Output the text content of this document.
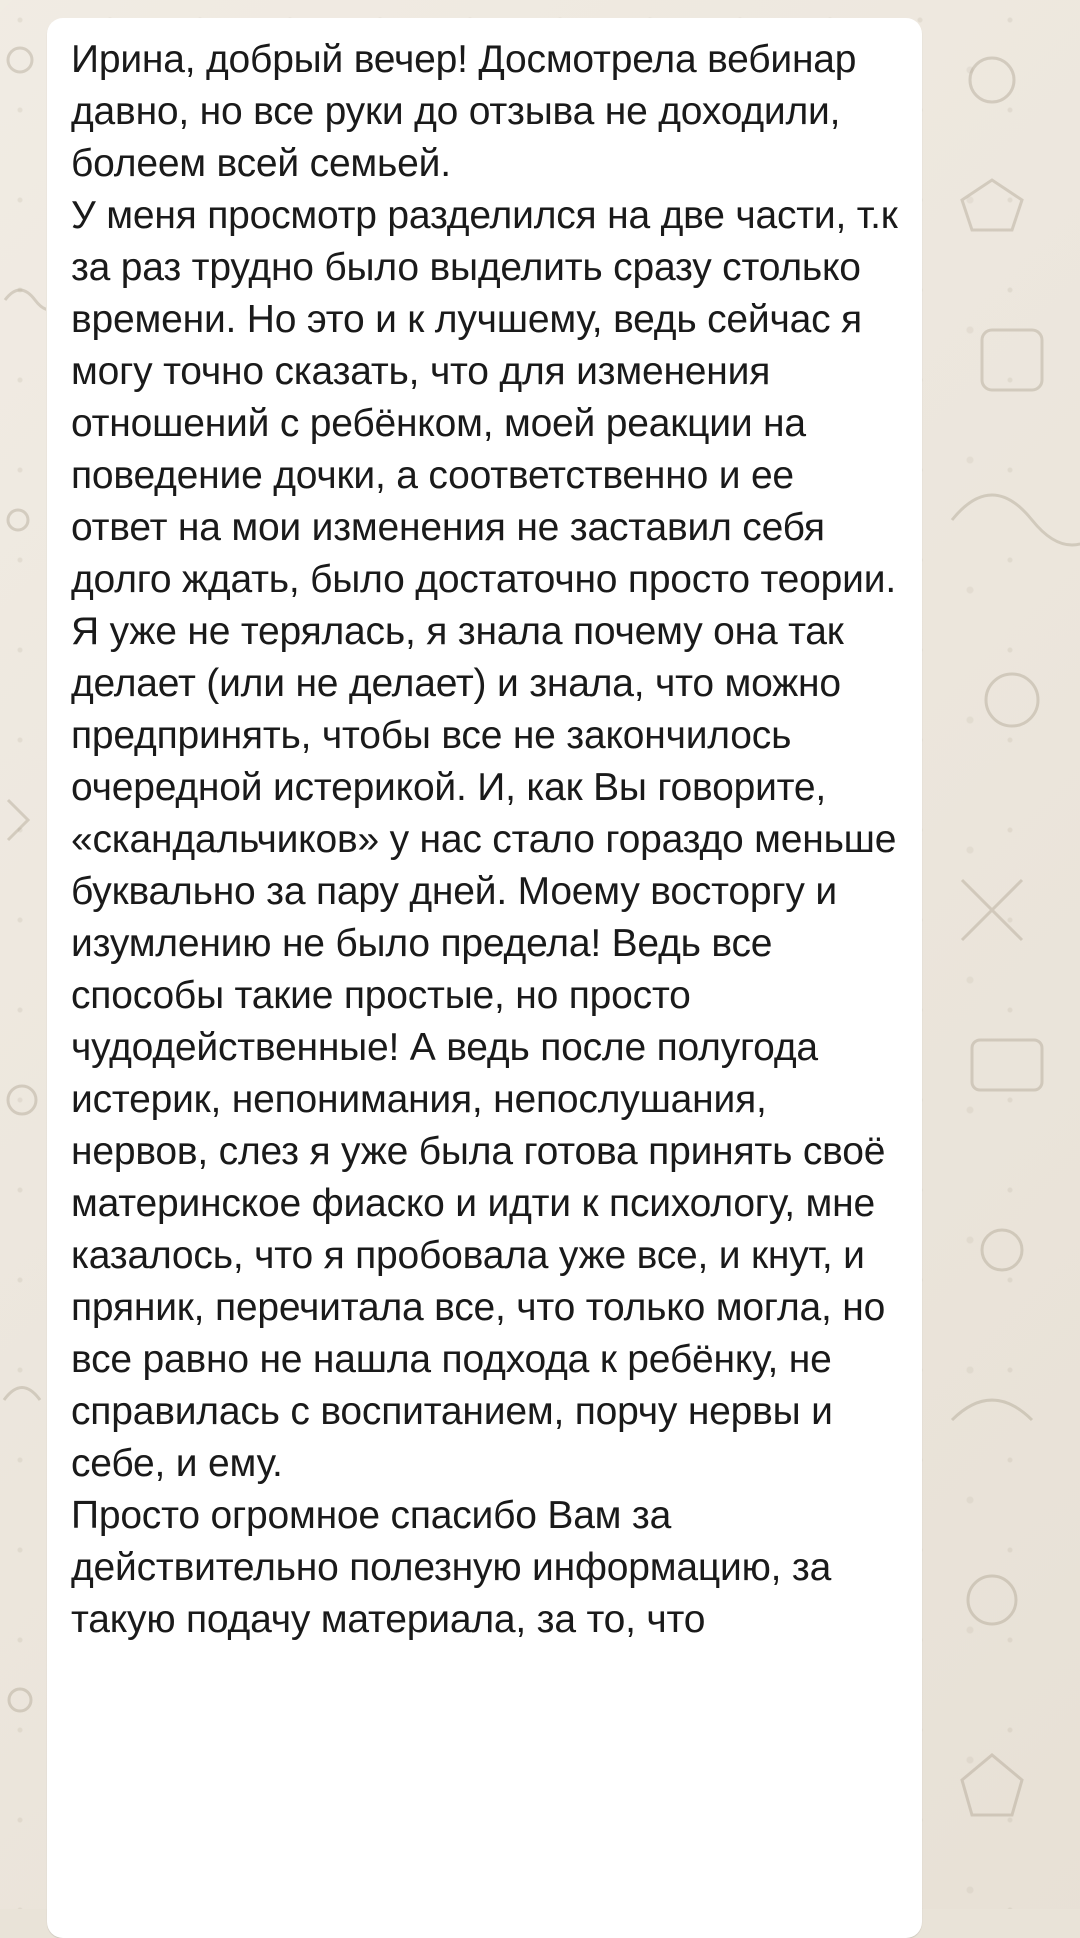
Ирина, добрый вечер! Досмотрела вебинар давно, но все руки до отзыва не доходили, болеем всей семьей.
У меня просмотр разделился на две части, т.к за раз трудно было выделить сразу столько времени. Но это и к лучшему, ведь сейчас я могу точно сказать, что для изменения отношений с ребёнком, моей реакции на поведение дочки, а соответственно и ее ответ на мои изменения не заставил себя долго ждать, было достаточно просто теории. Я уже не терялась, я знала почему она так делает (или не делает) и знала, что можно предпринять, чтобы все не закончилось очередной истерикой. И, как Вы говорите, «скандальчиков» у нас стало гораздо меньше буквально за пару дней. Моему восторгу и изумлению не было предела! Ведь все способы такие простые, но просто чудодейственные! А ведь после полугода истерик, непонимания, непослушания, нервов, слез я уже была готова принять своё материнское фиаско и идти к психологу, мне казалось, что я пробовала уже все, и кнут, и пряник, перечитала все, что только могла, но все равно не нашла подхода к ребёнку, не справилась с воспитанием, порчу нервы и себе, и ему.
Просто огромное спасибо Вам за действительно полезную информацию, за такую подачу материала, за то, что
